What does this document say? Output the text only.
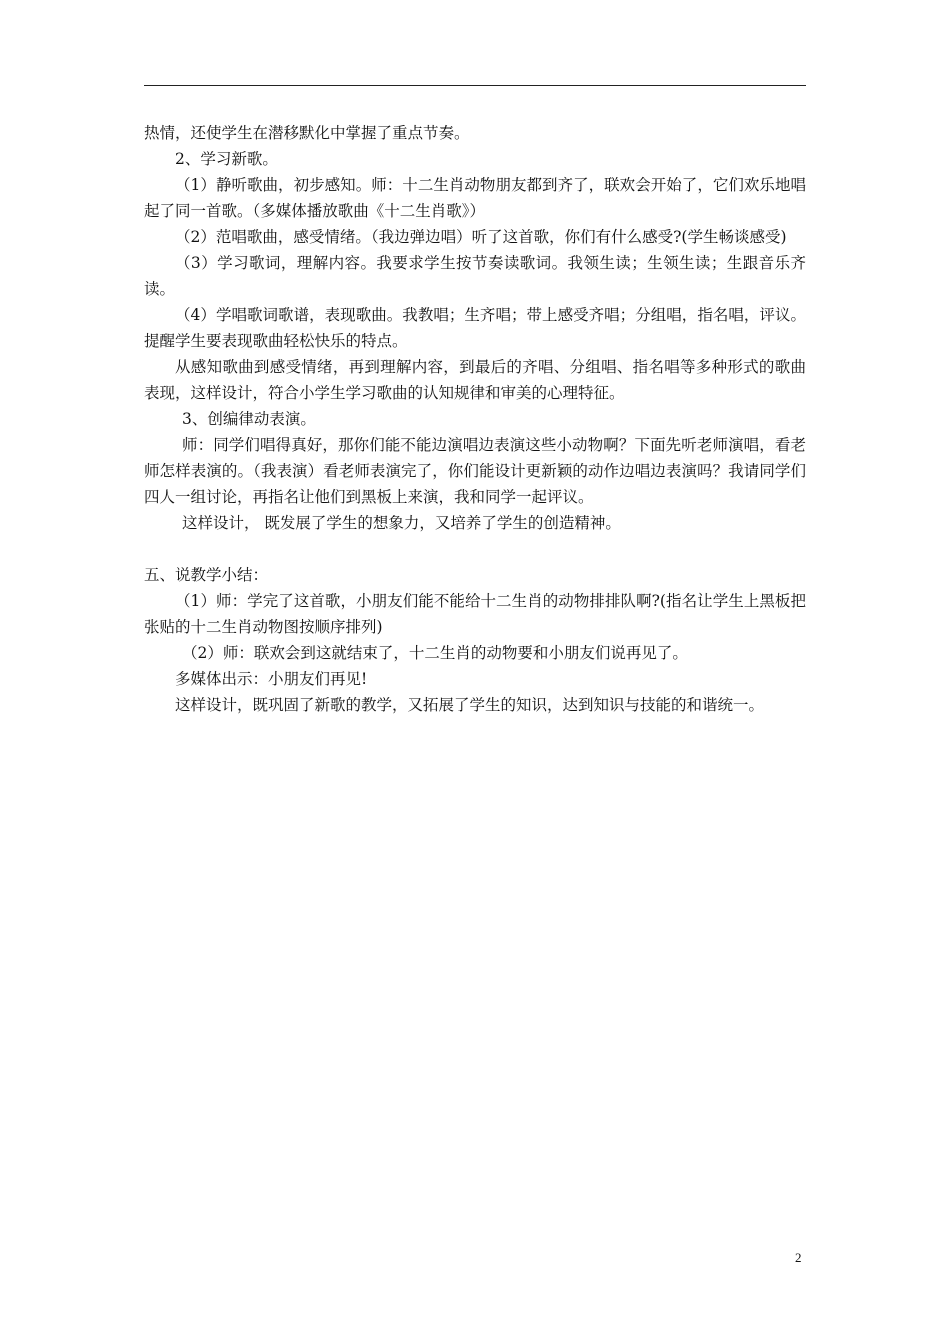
热情，还使学生在潜移默化中掌握了重点节奏。

2、学习新歌。

（1）静听歌曲，初步感知。师：十二生肖动物朋友都到齐了，联欢会开始了，它们欢乐地唱起了同一首歌。（多媒体播放歌曲《十二生肖歌》）

（2）范唱歌曲，感受情绪。（我边弹边唱）听了这首歌，你们有什么感受?(学生畅谈感受)

（3）学习歌词，理解内容。我要求学生按节奏读歌词。我领生读；生领生读；生跟音乐齐读。

（4）学唱歌词歌谱，表现歌曲。我教唱；生齐唱；带上感受齐唱；分组唱，指名唱，评议。提醒学生要表现歌曲轻松快乐的特点。

从感知歌曲到感受情绪，再到理解内容，到最后的齐唱、分组唱、指名唱等多种形式的歌曲表现，这样设计，符合小学生学习歌曲的认知规律和审美的心理特征。

3、创编律动表演。

师：同学们唱得真好，那你们能不能边演唱边表演这些小动物啊？下面先听老师演唱，看老师怎样表演的。（我表演）看老师表演完了，你们能设计更新颖的动作边唱边表演吗？我请同学们四人一组讨论，再指名让他们到黑板上来演，我和同学一起评议。

这样设计， 既发展了学生的想象力，又培养了学生的创造精神。

五、说教学小结：

（1）师：学完了这首歌，小朋友们能不能给十二生肖的动物排排队啊?(指名让学生上黑板把张贴的十二生肖动物图按顺序排列)

（2）师：联欢会到这就结束了，十二生肖的动物要和小朋友们说再见了。

多媒体出示：小朋友们再见!

这样设计，既巩固了新歌的教学，又拓展了学生的知识，达到知识与技能的和谐统一。

2
